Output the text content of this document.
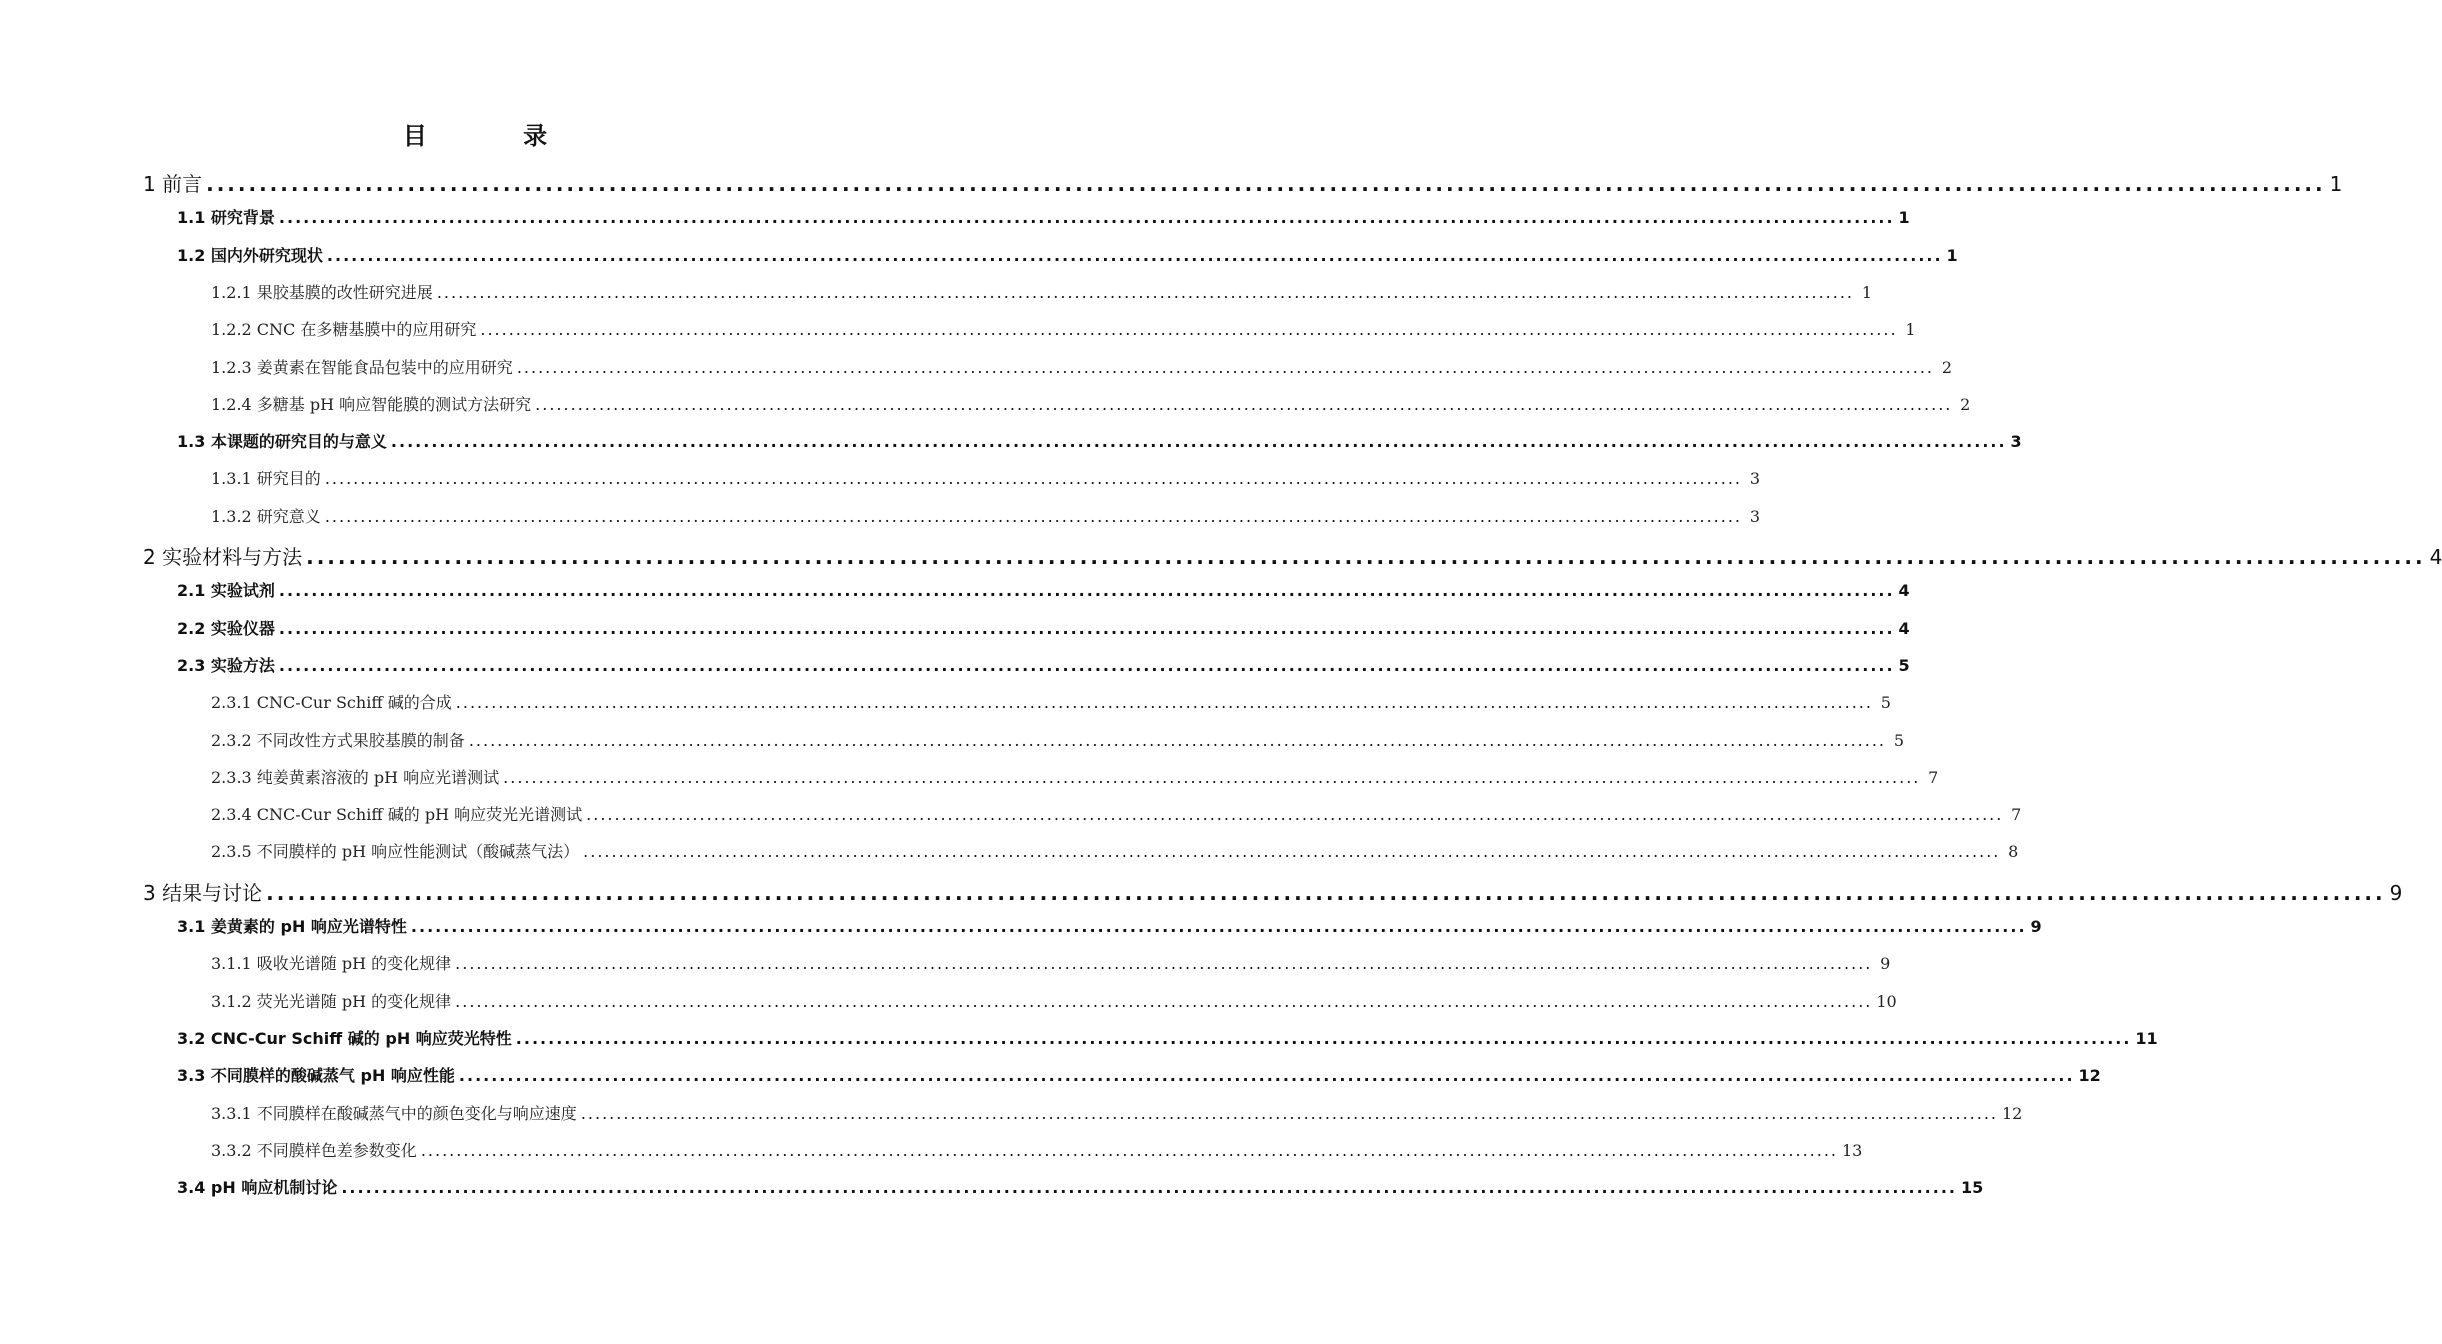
目 录
1 前言 ........................................................................................................................................................................................................ 1
1.1 研究背景 ........................................................................................................................................................................................................ 1
1.2 国内外研究现状 ........................................................................................................................................................................................................ 1
1.2.1 果胶基膜的改性研究进展 ........................................................................................................................................................................................................ 1
1.2.2 CNC 在多糖基膜中的应用研究 ........................................................................................................................................................................................................ 1
1.2.3 姜黄素在智能食品包装中的应用研究 ........................................................................................................................................................................................................ 2
1.2.4 多糖基 pH 响应智能膜的测试方法研究 ........................................................................................................................................................................................................ 2
1.3 本课题的研究目的与意义 ........................................................................................................................................................................................................ 3
1.3.1 研究目的 ........................................................................................................................................................................................................ 3
1.3.2 研究意义 ........................................................................................................................................................................................................ 3
2 实验材料与方法 ........................................................................................................................................................................................................ 4
2.1 实验试剂 ........................................................................................................................................................................................................ 4
2.2 实验仪器 ........................................................................................................................................................................................................ 4
2.3 实验方法 ........................................................................................................................................................................................................ 5
2.3.1 CNC-Cur Schiff 碱的合成 ........................................................................................................................................................................................................ 5
2.3.2 不同改性方式果胶基膜的制备 ........................................................................................................................................................................................................ 5
2.3.3 纯姜黄素溶液的 pH 响应光谱测试 ........................................................................................................................................................................................................ 7
2.3.4 CNC-Cur Schiff 碱的 pH 响应荧光光谱测试 ........................................................................................................................................................................................................ 7
2.3.5 不同膜样的 pH 响应性能测试（酸碱蒸气法） ........................................................................................................................................................................................................ 8
3 结果与讨论 ........................................................................................................................................................................................................ 9
3.1 姜黄素的 pH 响应光谱特性 ........................................................................................................................................................................................................ 9
3.1.1 吸收光谱随 pH 的变化规律 ........................................................................................................................................................................................................ 9
3.1.2 荧光光谱随 pH 的变化规律 ........................................................................................................................................................................................................ 10
3.2 CNC-Cur Schiff 碱的 pH 响应荧光特性 ........................................................................................................................................................................................................ 11
3.3 不同膜样的酸碱蒸气 pH 响应性能 ........................................................................................................................................................................................................ 12
3.3.1 不同膜样在酸碱蒸气中的颜色变化与响应速度 ........................................................................................................................................................................................................ 12
3.3.2 不同膜样色差参数变化 ........................................................................................................................................................................................................ 13
3.4 pH 响应机制讨论 ........................................................................................................................................................................................................ 15
